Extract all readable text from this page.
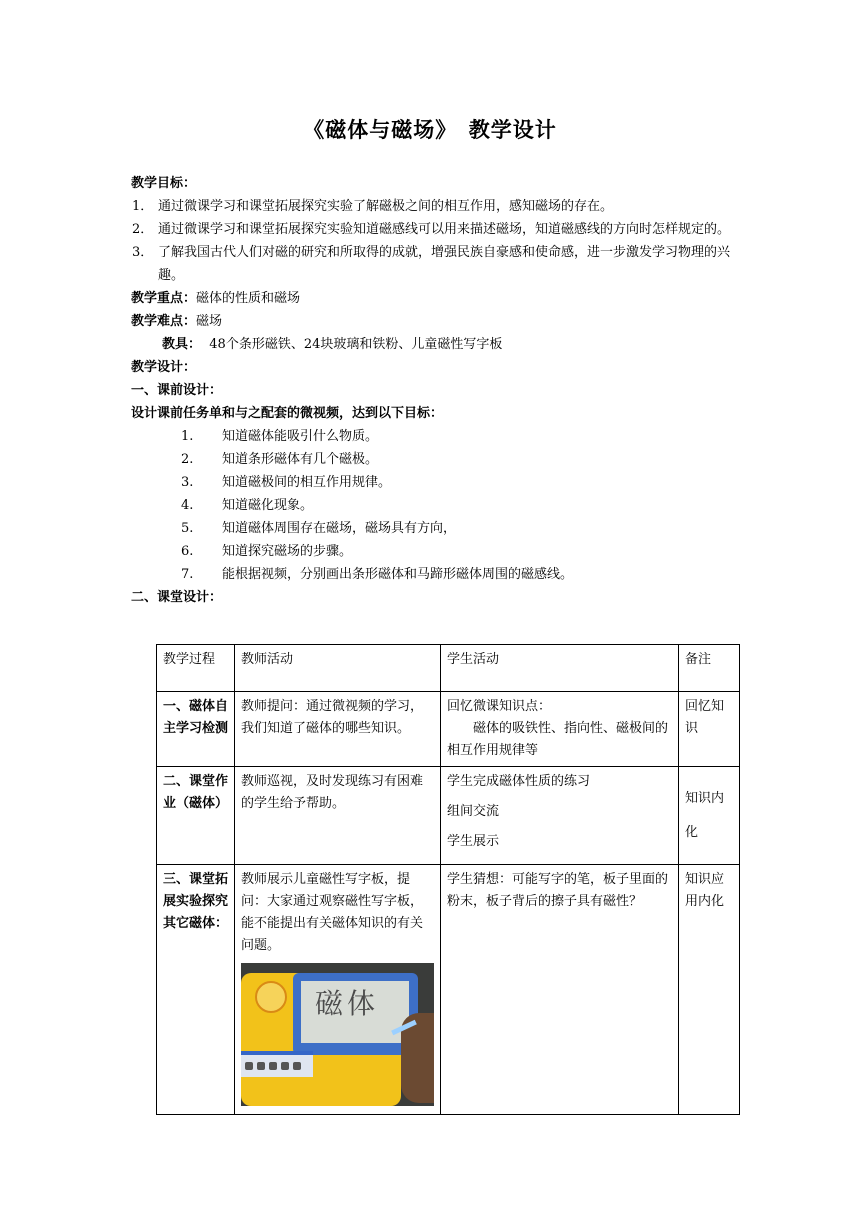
《磁体与磁场》　教学设计

教学目标：

1． 通过微课学习和课堂拓展探究实验了解磁极之间的相互作用，感知磁场的存在。

2． 通过微课学习和课堂拓展探究实验知道磁感线可以用来描述磁场，知道磁感线的方向时怎样规定的。

3． 了解我国古代人们对磁的研究和所取得的成就，增强民族自豪感和使命感，进一步激发学习物理的兴趣。

教学重点：磁体的性质和磁场

教学难点：磁场

教具： 48个条形磁铁、24块玻璃和铁粉、儿童磁性写字板

教学设计：

一、课前设计：

设计课前任务单和与之配套的微视频，达到以下目标：

1. 知道磁体能吸引什么物质。

2. 知道条形磁体有几个磁极。

3. 知道磁极间的相互作用规律。

4. 知道磁化现象。

5. 知道磁体周围存在磁场，磁场具有方向，

6. 知道探究磁场的步骤。

7. 能根据视频，分别画出条形磁体和马蹄形磁体周围的磁感线。

二、课堂设计：

教学过程	教师活动	学生活动	备注
一、磁体自主学习检测	教师提问：通过微视频的学习，我们知道了磁体的哪些知识。	回忆微课知识点：
磁体的吸铁性、指向性、磁极间的相互作用规律等	回忆知识
二、课堂作业（磁体）	教师巡视，及时发现练习有困难的学生给予帮助。	学生完成磁体性质的练习
组间交流
学生展示	知识内化
三、课堂拓展实验探究其它磁体：	教师展示儿童磁性写字板，提问：大家通过观察磁性写字板，能不能提出有关磁体知识的有关问题。
磁体	学生猜想：可能写字的笔，板子里面的粉末，板子背后的擦子具有磁性？	知识应用内化
